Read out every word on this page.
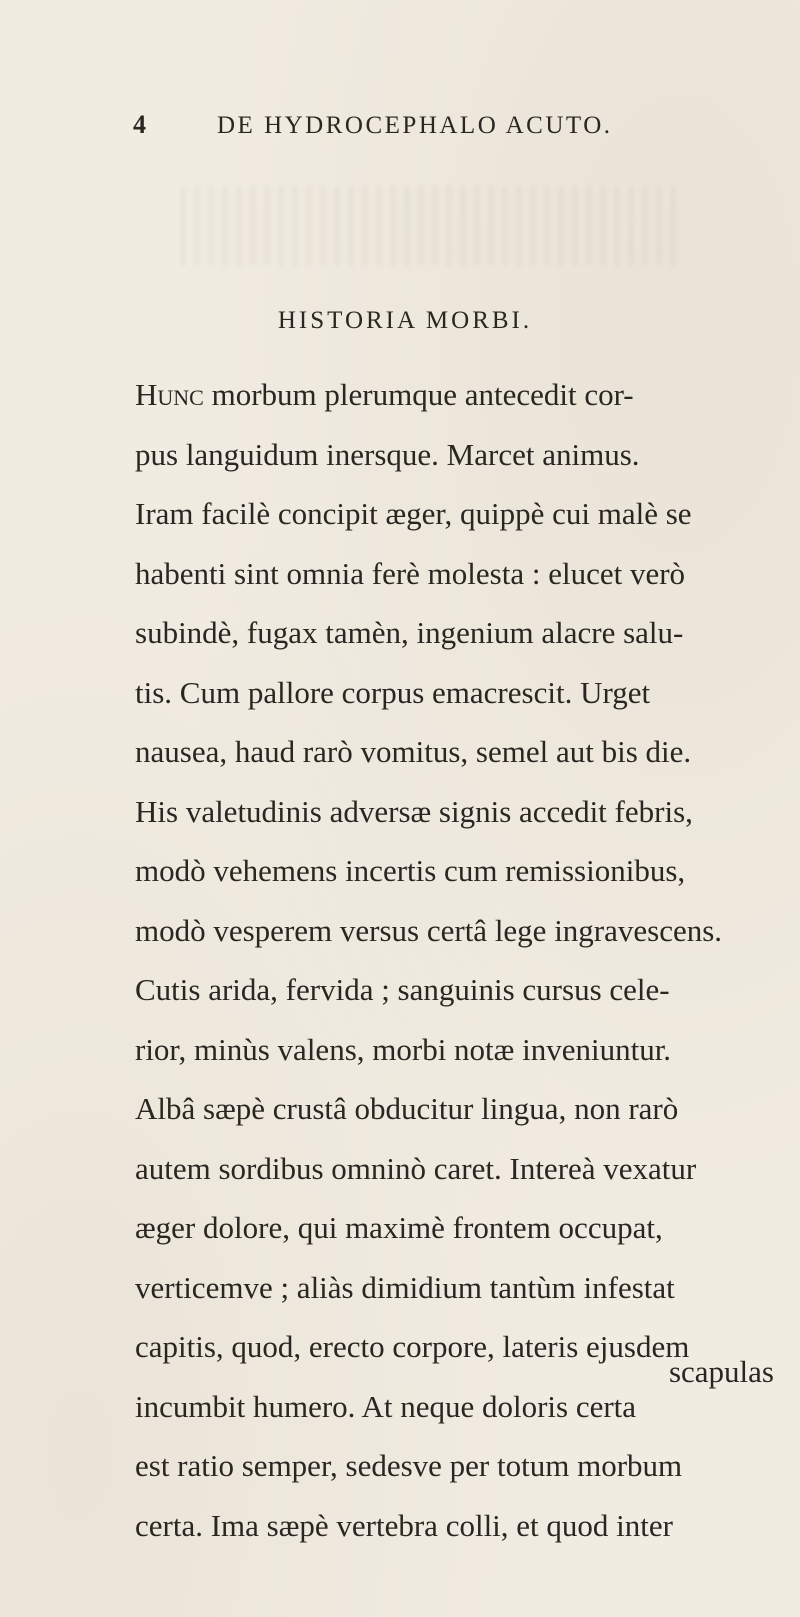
4	DE HYDROCEPHALO ACUTO.
HISTORIA MORBI.
Hunc morbum plerumque antecedit cor-
pus languidum inersque. Marcet animus.
Iram facilè concipit æger, quippè cui malè se
habenti sint omnia ferè molesta : elucet verò
subindè, fugax tamèn, ingenium alacre salu-
tis. Cum pallore corpus emacrescit. Urget
nausea, haud rarò vomitus, semel aut bis die.
His valetudinis adversæ signis accedit febris,
modò vehemens incertis cum remissionibus,
modò vesperem versus certâ lege ingravescens.
Cutis arida, fervida ; sanguinis cursus cele-
rior, minùs valens, morbi notæ inveniuntur.
Albâ sæpè crustâ obducitur lingua, non rarò
autem sordibus omninò caret. Intereà vexatur
æger dolore, qui maximè frontem occupat,
verticemve ; aliàs dimidium tantùm infestat
capitis, quod, erecto corpore, lateris ejusdem
incumbit humero. At neque doloris certa
est ratio semper, sedesve per totum morbum
certa. Ima sæpè vertebra colli, et quod inter
scapulas
